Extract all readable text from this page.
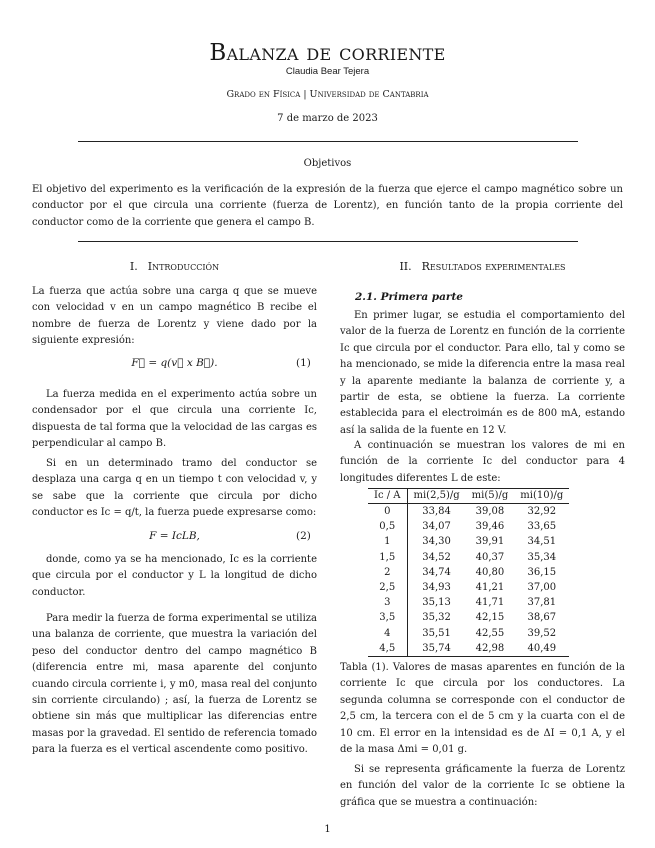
Balanza de corriente
Claudia Bear Tejera
Grado en Física | Universidad de Cantabria
7 de marzo de 2023
Objetivos
El objetivo del experimento es la verificación de la expresión de la fuerza que ejerce el campo magnético sobre un conductor por el que circula una corriente (fuerza de Lorentz), en función tanto de la propia corriente del conductor como de la corriente que genera el campo B.
I. Introducción
La fuerza que actúa sobre una carga q que se mueve con velocidad v en un campo magnético B recibe el nombre de fuerza de Lorentz y viene dado por la siguiente expresión:
F⃗ = q(v⃗ x B⃗).	(1)
La fuerza medida en el experimento actúa sobre un condensador por el que circula una corriente Ic, dispuesta de tal forma que la velocidad de las cargas es perpendicular al campo B.
Si en un determinado tramo del conductor se desplaza una carga q en un tiempo t con velocidad v, y se sabe que la corriente que circula por dicho conductor es Ic = q/t, la fuerza puede expresarse como:
F = IcLB,	(2)
donde, como ya se ha mencionado, Ic es la corriente que circula por el conductor y L la longitud de dicho conductor.
Para medir la fuerza de forma experimental se utiliza una balanza de corriente, que muestra la variación del peso del conductor dentro del campo magnético B (diferencia entre mi, masa aparente del conjunto cuando circula corriente i, y m0, masa real del conjunto sin corriente circulando) ; así, la fuerza de Lorentz se obtiene sin más que multiplicar las diferencias entre masas por la gravedad. El sentido de referencia tomado para la fuerza es el vertical ascendente como positivo.
II. Resultados experimentales
2.1. Primera parte
En primer lugar, se estudia el comportamiento del valor de la fuerza de Lorentz en función de la corriente Ic que circula por el conductor. Para ello, tal y como se ha mencionado, se mide la diferencia entre la masa real y la aparente mediante la balanza de corriente y, a partir de esta, se obtiene la fuerza. La corriente establecida para el electroimán es de 800 mA, estando así la salida de la fuente en 12 V.
A continuación se muestran los valores de mi en función de la corriente Ic del conductor para 4 longitudes diferentes L de este:
Ic / A	mi(2,5)/g	mi(5)/g	mi(10)/g
0	33,84	39,08	32,92
0,5	34,07	39,46	33,65
1	34,30	39,91	34,51
1,5	34,52	40,37	35,34
2	34,74	40,80	36,15
2,5	34,93	41,21	37,00
3	35,13	41,71	37,81
3,5	35,32	42,15	38,67
4	35,51	42,55	39,52
4,5	35,74	42,98	40,49
Tabla (1). Valores de masas aparentes en función de la corriente Ic que circula por los conductores. La segunda columna se corresponde con el conductor de 2,5 cm, la tercera con el de 5 cm y la cuarta con el de 10 cm. El error en la intensidad es de ΔI = 0,1 A, y el de la masa Δmi = 0,01 g.
Si se representa gráficamente la fuerza de Lorentz en función del valor de la corriente Ic se obtiene la gráfica que se muestra a continuación:
1
